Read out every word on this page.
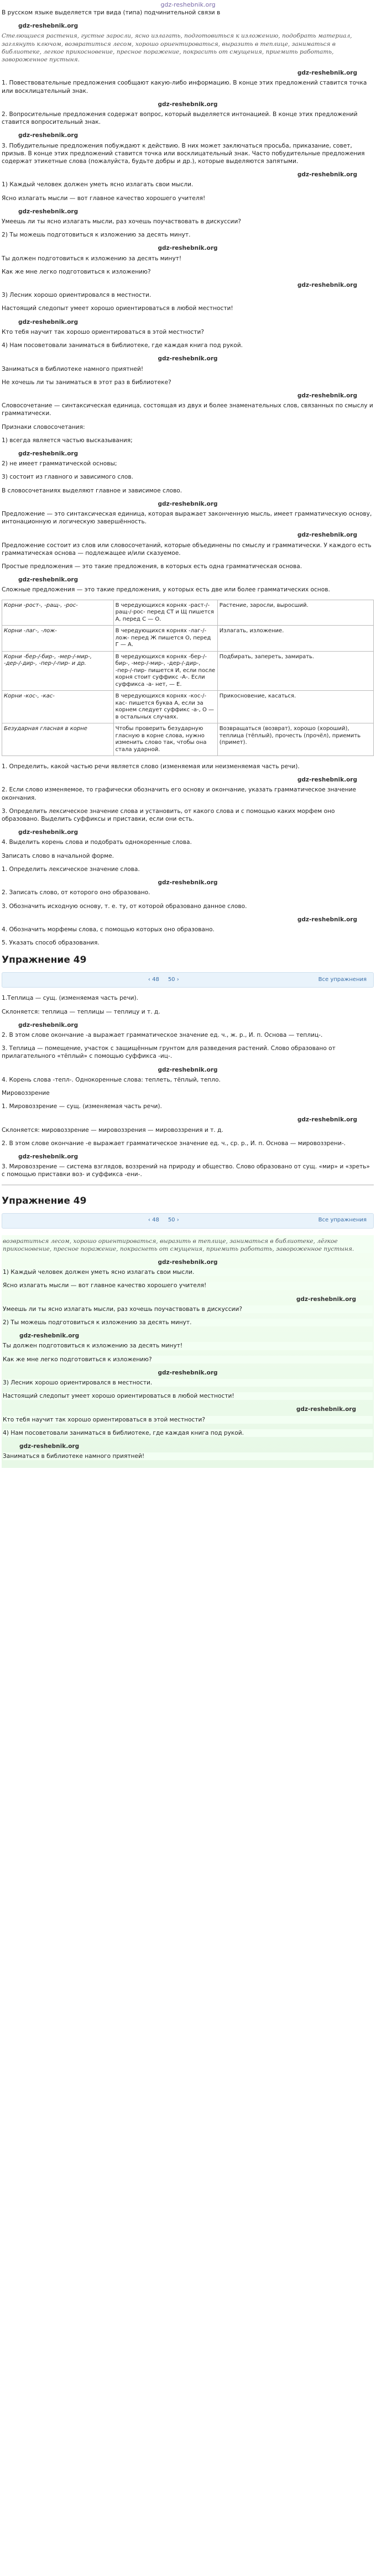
gdz-reshebnik.org
В русском языке выделяется три вида (типа) подчинительной связи в
gdz-reshebnik.org
Стелющиеся растения, густые заросли, ясно излагать, подготовиться к изложению, подобрать материал, заглянуть ключом, возвратиться лесом, хорошо ориентироваться, выразить в теплице, заниматься в библиотеке, легкое прикосновение, пресное поражение, покрасить от смущения, приемить работать, завороженное пустыня.
gdz-reshebnik.org
1. Повествовательные предложения сообщают какую-либо информацию. В конце этих предложений ставится точка или восклицательный знак.
gdz-reshebnik.org
2. Вопросительные предложения содержат вопрос, который выделяется интонацией. В конце этих предложений ставится вопросительный знак.
gdz-reshebnik.org
3. Побудительные предложения побуждают к действию. В них может заключаться просьба, приказание, совет, призыв. В конце этих предложений ставится точка или восклицательный знак. Часто побудительные предложения содержат этикетные слова (пожалуйста, будьте добры и др.), которые выделяются запятыми.
gdz-reshebnik.org
1) Каждый человек должен уметь ясно излагать свои мысли.
Ясно излагать мысли — вот главное качество хорошего учителя!
gdz-reshebnik.org
Умеешь ли ты ясно излагать мысли, раз хочешь поучаствовать в дискуссии?
2) Ты можешь подготовиться к изложению за десять минут.
gdz-reshebnik.org
Ты должен подготовиться к изложению за десять минут!
Как же мне легко подготовиться к изложению?
gdz-reshebnik.org
3) Лесник хорошо ориентировался в местности.
Настоящий следопыт умеет хорошо ориентироваться в любой местности!
gdz-reshebnik.org
Кто тебя научит так хорошо ориентироваться в этой местности?
4) Нам посоветовали заниматься в библиотеке, где каждая книга под рукой.
gdz-reshebnik.org
Заниматься в библиотеке намного приятней!
Не хочешь ли ты заниматься в этот раз в библиотеке?
gdz-reshebnik.org
Словосочетание — синтаксическая единица, состоящая из двух и более знаменательных слов, связанных по смыслу и грамматически.
Признаки словосочетания:
1) всегда является частью высказывания;
gdz-reshebnik.org
2) не имеет грамматической основы;
3) состоит из главного и зависимого слов.
В словосочетаниях выделяют главное и зависимое слово.
gdz-reshebnik.org
Предложение — это синтаксическая единица, которая выражает законченную мысль, имеет грамматическую основу, интонационную и логическую завершённость.
gdz-reshebnik.org
Предложение состоит из слов или словосочетаний, которые объединены по смыслу и грамматически. У каждого есть грамматическая основа — подлежащее и/или сказуемое.
Простые предложения — это такие предложения, в которых есть одна грамматическая основа.
gdz-reshebnik.org
Сложные предложения — это такие предложения, у которых есть две или более грамматических основ.
Корни -рост-, -ращ-, -рос-	В чередующихся корнях -раст-/-ращ-/-рос- перед СТ и Щ пишется А, перед С — О.	Растение, заросли, выросший.
Корни -лаг-, -лож-	В чередующихся корнях -лаг-/-лож- перед Ж пишется О, перед Г — А.	Излагать, изложение.
Корни -бер-/-бир-, -мер-/-мир-, -дер-/-дир-, -пер-/-пир- и др.	В чередующихся корнях -бер-/-бир-, -мер-/-мир-, -дер-/-дир-, -пер-/-пир- пишется И, если после корня стоит суффикс -А-. Если суффикса -а- нет, — Е.	Подбирать, запереть, замирать.
Корни -кос-, -кас-	В чередующихся корнях -кос-/-кас- пишется буква А, если за корнем следует суффикс -а-, О — в остальных случаях.	Прикосновение, касаться.
Безударная гласная в корне	Чтобы проверить безударную гласную в корне слова, нужно изменить слово так, чтобы она стала ударной.	Возвращаться (возврат), хорошо (хороший), теплица (тёплый), прочесть (прочёл), приемить (примет).
1. Определить, какой частью речи является слово (изменяемая или неизменяемая часть речи).
gdz-reshebnik.org
2. Если слово изменяемое, то графически обозначить его основу и окончание, указать грамматическое значение окончания.
3. Определить лексическое значение слова и установить, от какого слова и с помощью каких морфем оно образовано. Выделить суффиксы и приставки, если они есть.
gdz-reshebnik.org
4. Выделить корень слова и подобрать однокоренные слова.
Записать слово в начальной форме.
1. Определить лексическое значение слова.
gdz-reshebnik.org
2. Записать слово, от которого оно образовано.
3. Обозначить исходную основу, т. е. ту, от которой образовано данное слово.
gdz-reshebnik.org
4. Обозначить морфемы слова, с помощью которых оно образовано.
5. Указать способ образования.
Упражнение 49
‹ 48 50 ›	Все упражнения
1.Теплица — сущ. (изменяемая часть речи).
Склоняется: теплица — теплицы — теплицу и т. д.
gdz-reshebnik.org
2. В этом слове окончание -а выражает грамматическое значение ед. ч., ж. р., И. п. Основа — теплиц-.
3. Теплица — помещение, участок с защищённым грунтом для разведения растений. Слово образовано от прилагательного «тёплый» с помощью суффикса -иц-.
gdz-reshebnik.org
4. Корень слова -тепл-. Однокоренные слова: теплеть, тёплый, тепло.
Мировоззрение
1. Мировоззрение — сущ. (изменяемая часть речи).
gdz-reshebnik.org
Склоняется: мировоззрение — мировоззрения — мировоззрения и т. д.
2. В этом слове окончание -е выражает грамматическое значение ед. ч., ср. р., И. п. Основа — мировоззрени-.
gdz-reshebnik.org
3. Мировоззрение — система взглядов, воззрений на природу и общество. Слово образовано от сущ. «мир» и «зреть» с помощью приставки воз- и суффикса -ени-.
Упражнение 49
‹ 48 50 ›	Все упражнения
возвратиться лесом, хорошо ориентироваться, выразить в теплице, заниматься в библиотеке, лёгкое прикосновение, пресное поражение, покраснеть от смущения, приемить работать, завороженное пустыня.
gdz-reshebnik.org
1) Каждый человек должен уметь ясно излагать свои мысли.
Ясно излагать мысли — вот главное качество хорошего учителя!
gdz-reshebnik.org
Умеешь ли ты ясно излагать мысли, раз хочешь поучаствовать в дискуссии?
2) Ты можешь подготовиться к изложению за десять минут.
gdz-reshebnik.org
Ты должен подготовиться к изложению за десять минут!
Как же мне легко подготовиться к изложению?
gdz-reshebnik.org
3) Лесник хорошо ориентировался в местности.
Настоящий следопыт умеет хорошо ориентироваться в любой местности!
gdz-reshebnik.org
Кто тебя научит так хорошо ориентироваться в этой местности?
4) Нам посоветовали заниматься в библиотеке, где каждая книга под рукой.
gdz-reshebnik.org
Заниматься в библиотеке намного приятней!
